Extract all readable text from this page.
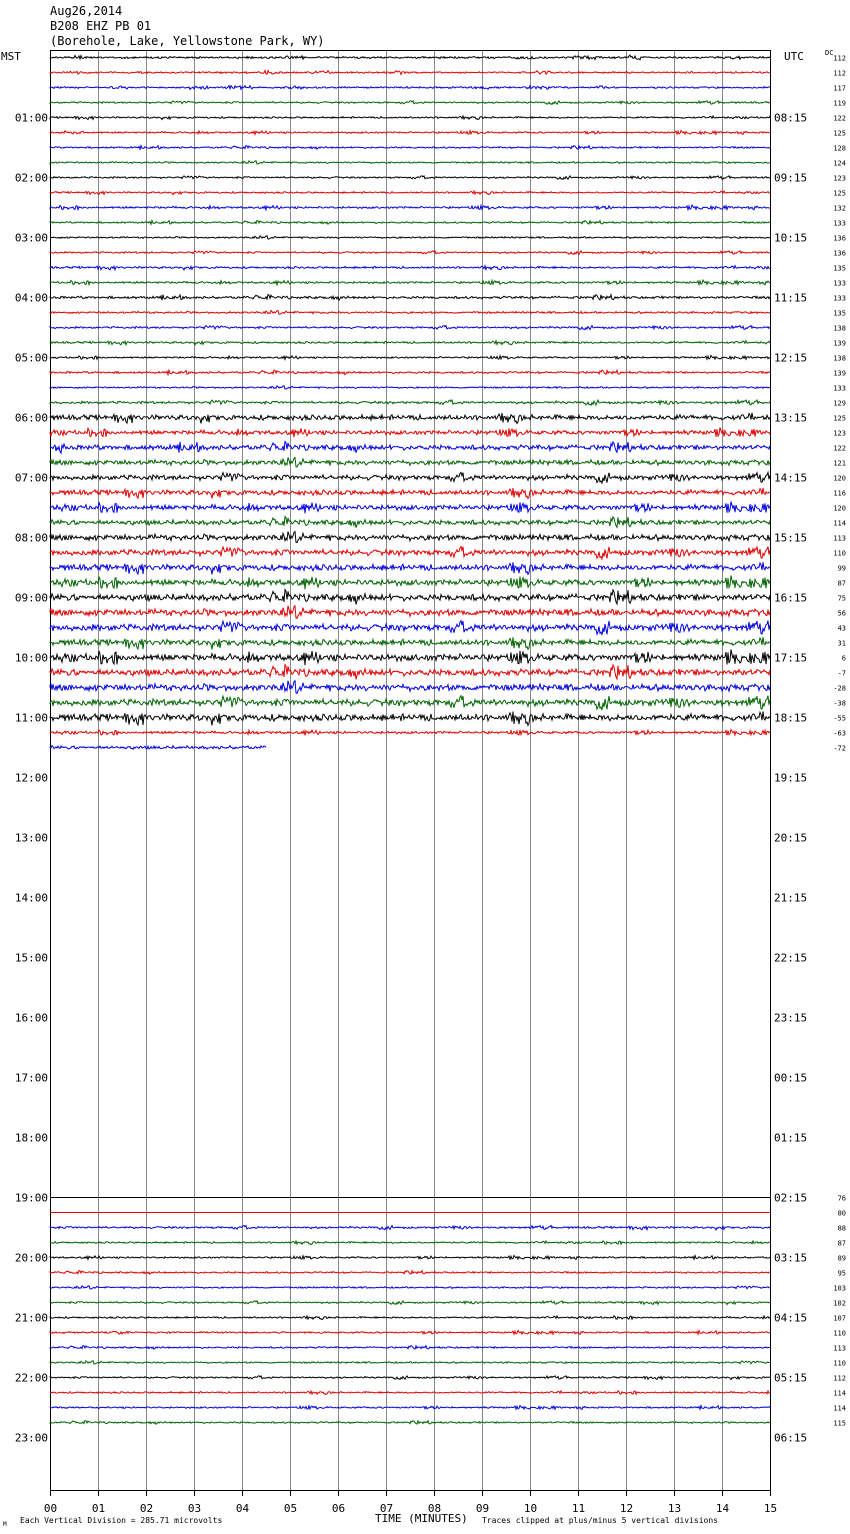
Aug26,2014
B208 EHZ PB 01
(Borehole, Lake, Yellowstone Park, WY)
00	01	02	03	04	05	06	07	08	09	10	11	12	13	14	15
01:00
02:00
03:00
04:00
05:00
06:00
07:00
08:00
09:00
10:00
11:00
12:00
13:00
14:00
15:00
16:00
17:00
18:00
19:00
20:00
21:00
22:00
23:00
08:15
09:15
10:15
11:15
12:15
13:15
14:15
15:15
16:15
17:15
18:15
19:15
20:15
21:15
22:15
23:15
00:15
01:15
02:15
03:15
04:15
05:15
06:15
112
112
117
119
122
125
128
124
123
125
132
133
136
136
135
133
133
135
138
139
138
139
133
129
125
123
122
121
120
116
120
114
113
110
99
87
75
56
43
31
6
-7
-28
-38
-55
-63
-72
76
80
88
87
89
95
103
102
107
110
113
110
112
114
114
115
MST	UTC	DC
TIME (MINUTES)
Each Vertical Division = 285.71 microvolts	Traces clipped at plus/minus 5 vertical divisions
M
